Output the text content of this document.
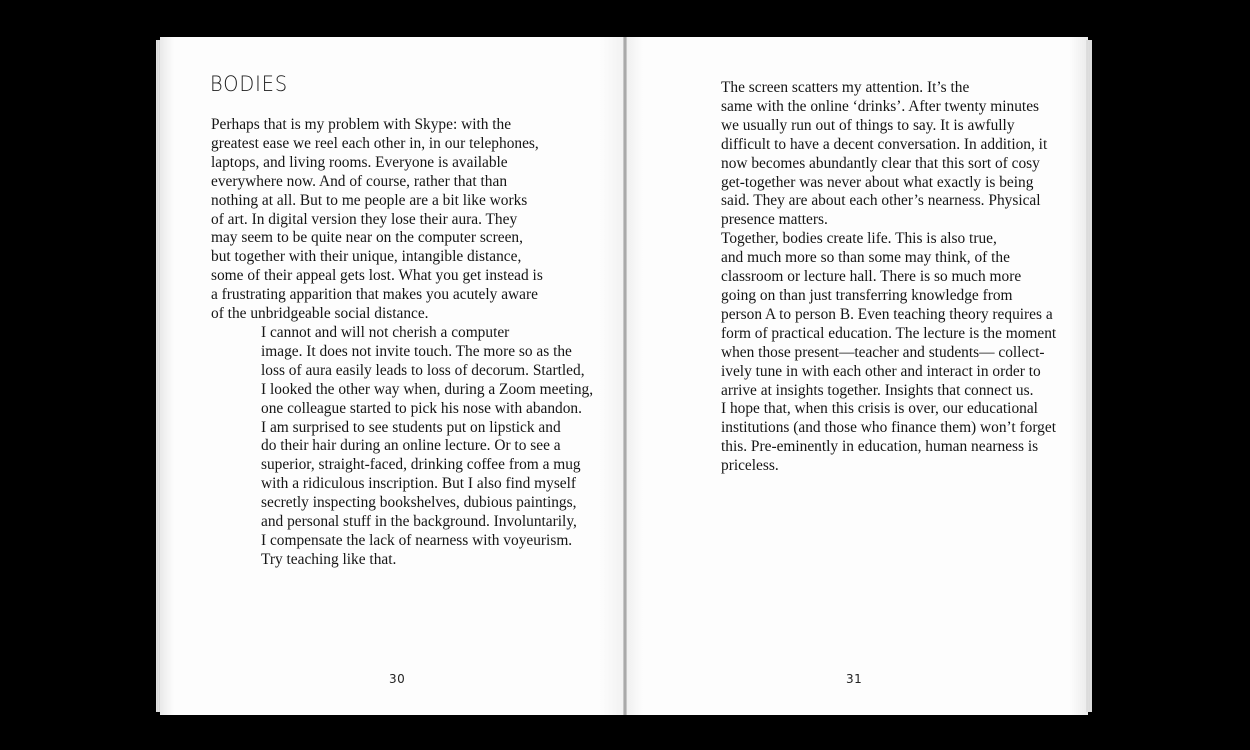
BODIES

Perhaps that is my problem with Skype: with the
greatest ease we reel each other in, in our telephones,
laptops, and living rooms. Everyone is available
everywhere now. And of course, rather that than
nothing at all. But to me people are a bit like works
of art. In digital version they lose their aura. They
may seem to be quite near on the computer screen,
but together with their unique, intangible distance,
some of their appeal gets lost. What you get instead is
a frustrating apparition that makes you acutely aware
of the unbridgeable social distance.

I cannot and will not cherish a computer
image. It does not invite touch. The more so as the
loss of aura easily leads to loss of decorum. Startled,
I looked the other way when, during a Zoom meeting,
one colleague started to pick his nose with abandon.
I am surprised to see students put on lipstick and
do their hair during an online lecture. Or to see a
superior, straight-faced, drinking coffee from a mug
with a ridiculous inscription. But I also find myself
secretly inspecting bookshelves, dubious paintings,
and personal stuff in the background. Involuntarily,
I compensate the lack of nearness with voyeurism.
Try teaching like that.

The screen scatters my attention. It’s the
same with the online ‘drinks’. After twenty minutes
we usually run out of things to say. It is awfully
difficult to have a decent conversation. In addition, it
now becomes abundantly clear that this sort of cosy
get-together was never about what exactly is being
said. They are about each other’s nearness. Physical
presence matters.

Together, bodies create life. This is also true,
and much more so than some may think, of the
classroom or lecture hall. There is so much more
going on than just transferring knowledge from
person A to person B. Even teaching theory requires a
form of practical education. The lecture is the moment
when those present—teacher and students— collect-
ively tune in with each other and interact in order to
arrive at insights together. Insights that connect us.
I hope that, when this crisis is over, our educational
institutions (and those who finance them) won’t forget
this. Pre-eminently in education, human nearness is
priceless.

30	31
